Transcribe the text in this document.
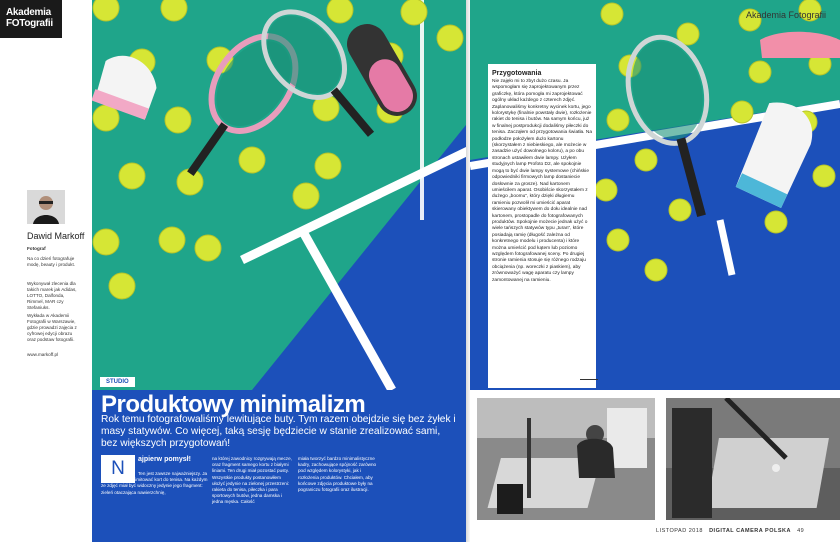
Akademia
FOTografii
Dawid Markoff
Fotograf
Na co dzień fotografuje modę, beauty i produkt.
Wykonywał zlecenia dla takich marek jak Adidas, LOTTO, Dalfonda, Rimmel, MAR czy Stefaniuks.
Wykłada w Akademii Fotografii w Warszawie, gdzie prowadzi zajęcia z cyfrowej edycji obrazu oraz podstaw fotografii.
www.markoff.pl
STUDIO
Produktowy minimalizm
Rok temu fotografowaliśmy lewitujące buty. Tym razem obejdzie się bez żyłek i masy statywów. Co więcej, taką sesję będziecie w stanie zrealizować sami, bez większych przygotowań!
N	ajpierw pomysł!
Ten jest zawsze najważniejszy. Ja postanowiłem zaimitować kort do tenisa. Na każdym ze zdjęć miał być widoczny jedynie jego fragment: zieleń otaczająca nawierzchnię,
na której zawodnicy rozgrywają mecze, oraz fragment samego kortu z białymi liniami. Ten drugi miał pozostać pusty. Wszystkie produkty postanowiłem ułożyć jedynie na zielonej przestrzeni: rakieta do tenisa, piłeczka i para sportowych butów, jedna damska i jedna męska. Całość
miała tworzyć bardzo minimalistyczne kadry, zachowujące spójność zarówno pod względem kolorystyki, jak i rozłożenia produktów. Chciałem, aby końcowe zdjęcia produktowe były na pograniczu fotografii oraz ilustracji.
Akademia Fotografii
Przygotowania
Nie zajęło mi to zbyt dużo czasu. Ja wspomogłam się zaprojektowanym przez graficzkę, która pomogła mi zaprojektować ogólny układ każdego z czterech zdjęć. Zaplanowaliśmy konkretny wycinek kortu, jego kolorystykę (finalnie powstały dwie), rozłożenie rakiet do tenisa i butów. Na samym końcu, już w finalnej postprodukcji dodaliśmy piłeczki do tenisa. Zacząłem od przygotowania światła. Na podłodze położyłem dużo kartonu (skorzystałem z niebieskiego, ale możecie w zasadzie użyć dowolnego koloru), a po obu stronach ustawiłem dwie lampy. Użyłem studyjnych lamp Profoto D2, ale spokojnie mogą to być dwie lampy systemowe (chińskie odpowiedniki firmowych lamp dostaniecie dosłownie za grosze). Nad kartonem umieściłem aparat. Osobiście skorzystałem z dużego „boomu”, który dzięki długiemu ramieniu pozwolił mi umieścić aparat skierowany obiektywem do dołu idealnie nad kartonem, prostopadle do fotografowanych produktów. Spokojnie możecie jednak użyć o wiele tańszych statywów typu „turan”, które posiadają ramię (długość zależna od konkretnego modelu i producenta) i które można umieścić pod kątem lub poziomo względem fotografowanej sceny. Po drugiej stronie ramienia stosuje się różnego rodzaju obciążenia (np. woreczki z piaskiem), aby zrównoważyć wagę aparatu czy lampy zamontowanej na ramieniu.
LISTOPAD 2018 DIGITAL CAMERA POLSKA 49
